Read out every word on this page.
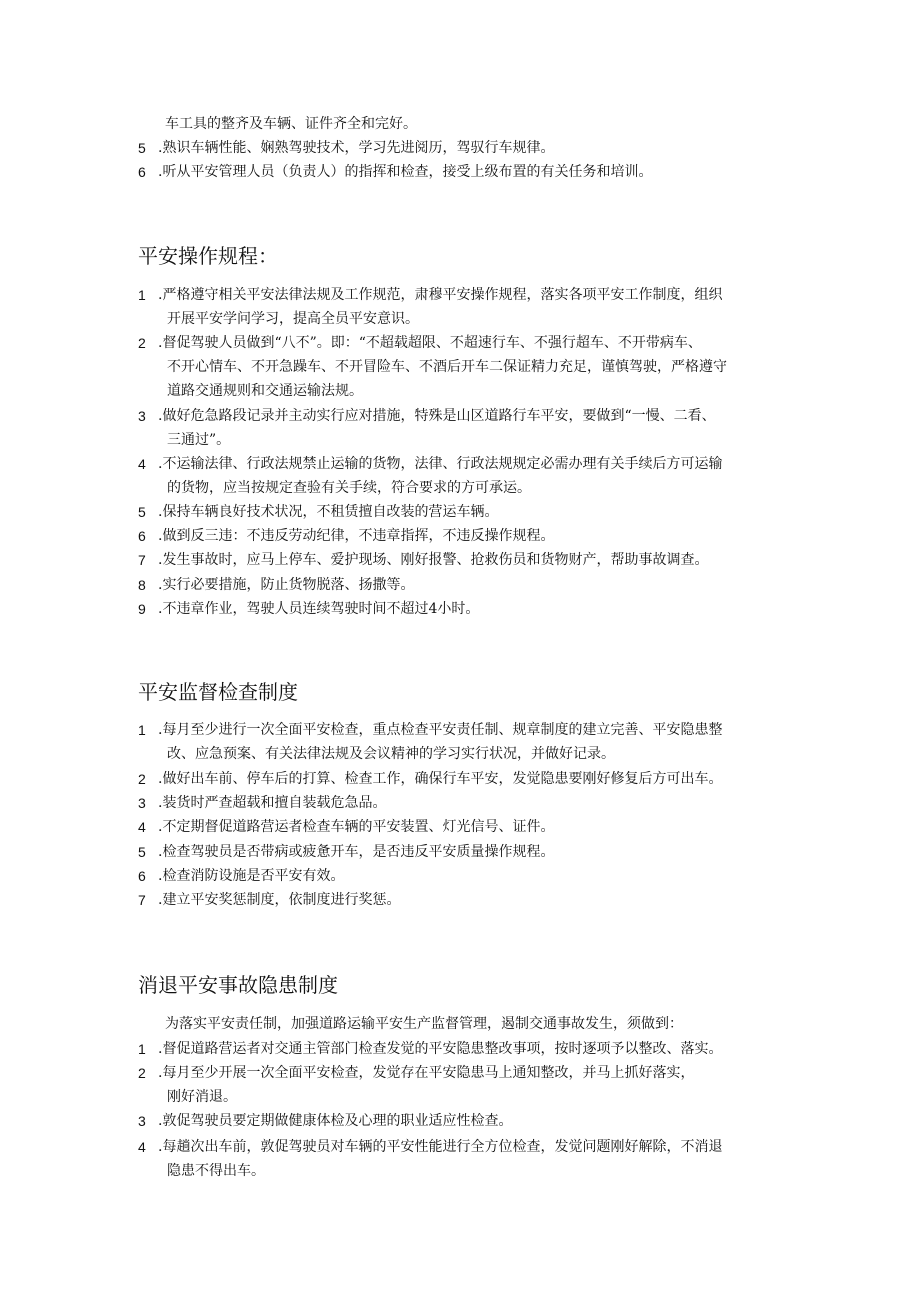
车工具的整齐及车辆、证件齐全和完好。
5 .熟识车辆性能、娴熟驾驶技术，学习先进阅历，驾驭行车规律。
6 .听从平安管理人员（负责人）的指挥和检查，接受上级布置的有关任务和培训。
平安操作规程：
1 .严格遵守相关平安法律法规及工作规范，肃穆平安操作规程，落实各项平安工作制度，组织
开展平安学问学习，提高全员平安意识。
2 .督促驾驶人员做到“八不”。即：“不超载超限、不超速行车、不强行超车、不开带病车、
不开心情车、不开急躁车、不开冒险车、不酒后开车二保证精力充足，谨慎驾驶，严格遵守
道路交通规则和交通运输法规。
3 .做好危急路段记录并主动实行应对措施，特殊是山区道路行车平安，要做到“一慢、二看、
三通过”。
4 .不运输法律、行政法规禁止运输的货物，法律、行政法规规定必需办理有关手续后方可运输
的货物，应当按规定查验有关手续，符合要求的方可承运。
5 .保持车辆良好技术状况，不租赁擅自改装的营运车辆。
6 .做到反三违：不违反劳动纪律，不违章指挥，不违反操作规程。
7 .发生事故时，应马上停车、爱护现场、刚好报警、抢救伤员和货物财产，帮助事故调查。
8 .实行必要措施，防止货物脱落、扬撒等。
9 .不违章作业，驾驶人员连续驾驶时间不超过4小时。
平安监督检查制度
1 .每月至少进行一次全面平安检查，重点检查平安责任制、规章制度的建立完善、平安隐患整
改、应急预案、有关法律法规及会议精神的学习实行状况，并做好记录。
2 .做好出车前、停车后的打算、检查工作，确保行车平安，发觉隐患要刚好修复后方可出车。
3 .装货时严查超载和擅自装载危急品。
4 .不定期督促道路营运者检查车辆的平安装置、灯光信号、证件。
5 .检查驾驶员是否带病或疲惫开车，是否违反平安质量操作规程。
6 .检查消防设施是否平安有效。
7 .建立平安奖惩制度，依制度进行奖惩。
消退平安事故隐患制度
为落实平安责任制，加强道路运输平安生产监督管理，遏制交通事故发生，须做到：
1 .督促道路营运者对交通主管部门检查发觉的平安隐患整改事项，按时逐项予以整改、落实。
2 .每月至少开展一次全面平安检查，发觉存在平安隐患马上通知整改，并马上抓好落实，
刚好消退。
3 .敦促驾驶员要定期做健康体检及心理的职业适应性检查。
4 .每趟次出车前，敦促驾驶员对车辆的平安性能进行全方位检查，发觉问题刚好解除，不消退
隐患不得出车。
